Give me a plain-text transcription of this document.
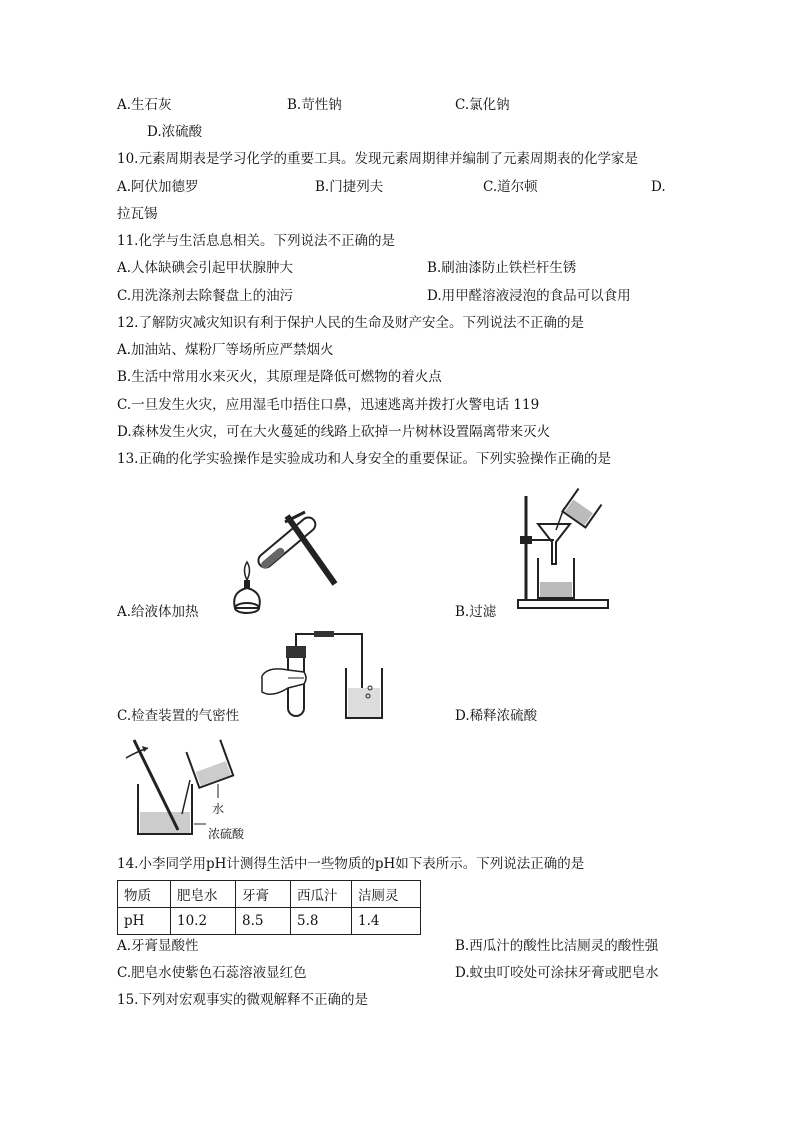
A.生石灰	B.苛性钠	C.氯化钠
D.浓硫酸
10.元素周期表是学习化学的重要工具。发现元素周期律并编制了元素周期表的化学家是
A.阿伏加德罗	B.门捷列夫	C.道尔顿	D.
拉瓦锡
11.化学与生活息息相关。下列说法不正确的是
A.人体缺碘会引起甲状腺肿大	B.刷油漆防止铁栏杆生锈
C.用洗涤剂去除餐盘上的油污	D.用甲醛溶液浸泡的食品可以食用
12.了解防灾减灾知识有利于保护人民的生命及财产安全。下列说法不正确的是
A.加油站、煤粉厂等场所应严禁烟火
B.生活中常用水来灭火，其原理是降低可燃物的着火点
C.一旦发生火灾，应用湿毛巾捂住口鼻，迅速逃离并拨打火警电话 119
D.森林发生火灾，可在大火蔓延的线路上砍掉一片树林设置隔离带来灭火
13.正确的化学实验操作是实验成功和人身安全的重要保证。下列实验操作正确的是
A.给液体加热	B.过滤
C.检查装置的气密性	D.稀释浓硫酸
水
浓硫酸
14.小李同学用pH计测得生活中一些物质的pH如下表所示。下列说法正确的是
物质	肥皂水	牙膏	西瓜汁	洁厕灵
pH	10.2	8.5	5.8	1.4
A.牙膏显酸性	B.西瓜汁的酸性比洁厕灵的酸性强
C.肥皂水使紫色石蕊溶液显红色	D.蚊虫叮咬处可涂抹牙膏或肥皂水
15.下列对宏观事实的微观解释不正确的是
